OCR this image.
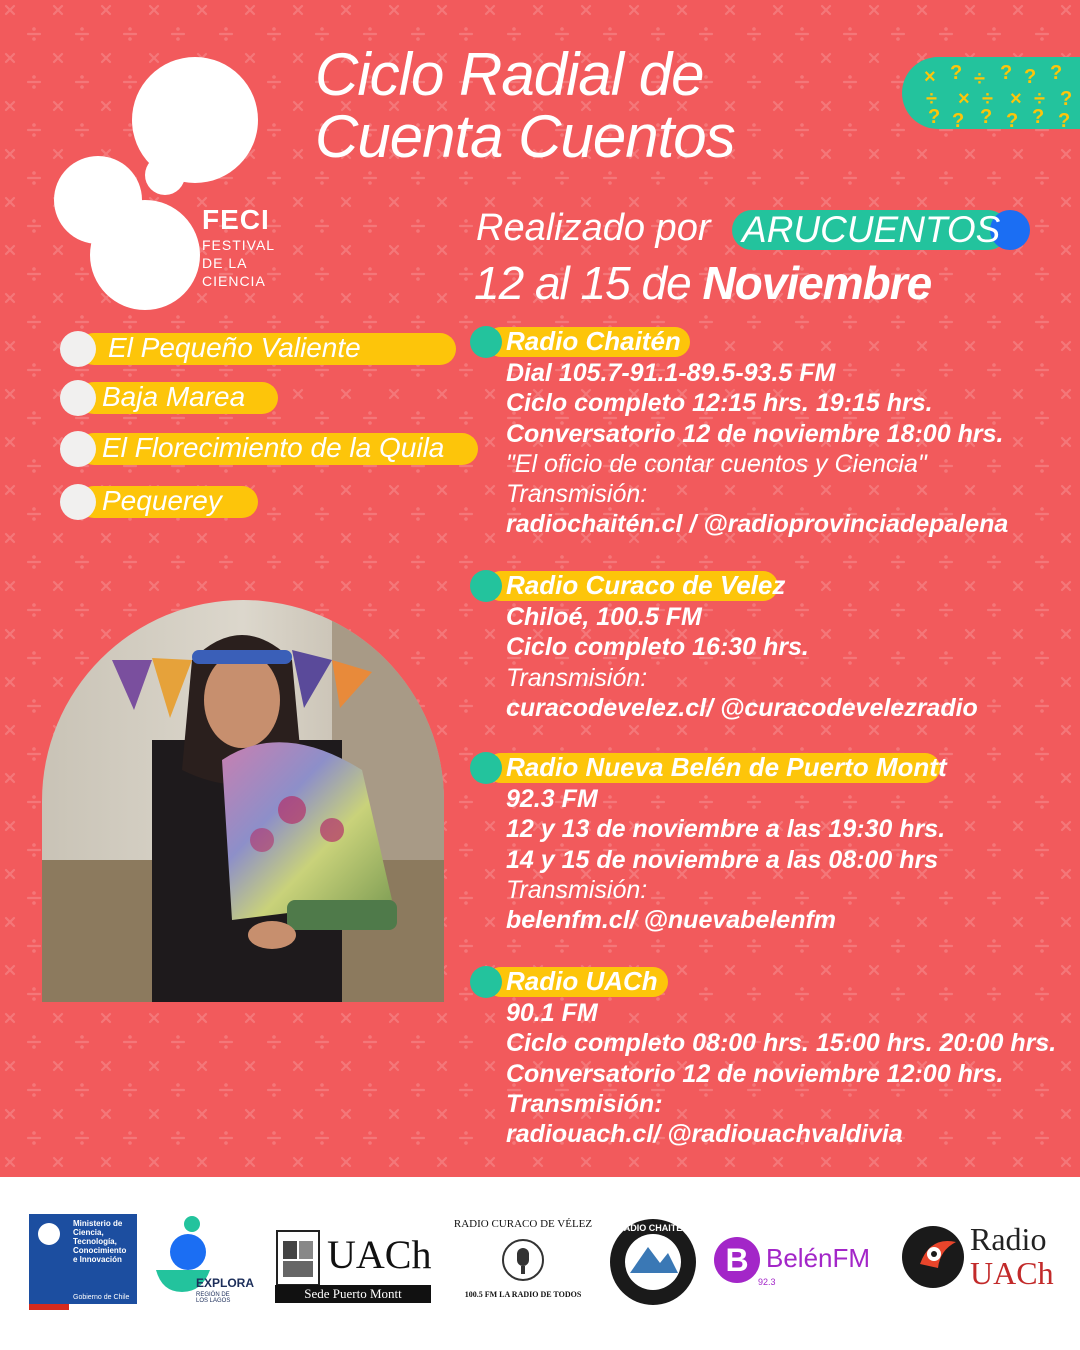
FECI
FESTIVAL
DE LA
CIENCIA
Ciclo Radial de
Cuenta Cuentos
× ? ÷ ? ? ?
÷ × ÷ × ÷ ?
? ? ? ? ? ?
Realizado por ARUCUENTOS
12 al 15 de Noviembre
El Pequeño Valiente
Baja Marea
El Florecimiento de la Quila
Pequerey
Radio Chaitén
Dial 105.7-91.1-89.5-93.5 FM
Ciclo completo 12:15 hrs. 19:15 hrs.
Conversatorio 12 de noviembre 18:00 hrs.
"El oficio de contar cuentos y Ciencia"
Transmisión:
radiochaitén.cl / @radioprovinciadepalena
Radio Curaco de Velez
Chiloé, 100.5 FM
Ciclo completo 16:30 hrs.
Transmisión:
curacodevelez.cl/ @curacodevelezradio
Radio Nueva Belén de Puerto Montt
92.3 FM
12 y 13 de noviembre a las 19:30 hrs.
14 y 15 de noviembre a las 08:00 hrs
Transmisión:
belenfm.cl/ @nuevabelenfm
Radio UACh
90.1 FM
Ciclo completo 08:00 hrs. 15:00 hrs. 20:00 hrs.
Conversatorio 12 de noviembre 12:00 hrs.
Transmisión:
radiouach.cl/ @radiouachvaldivia
Ministerio de
Ciencia,
Tecnología,
Conocimiento
e Innovación
Gobierno de Chile
EXPLORA
REGIÓN DE
LOS LAGOS
UACh
Sede Puerto Montt
RADIO CURACO DE VÉLEZ
100.5 FM LA RADIO DE TODOS
RADIO CHAITÉN
B BelénFM
92.3
Radio
UACh
